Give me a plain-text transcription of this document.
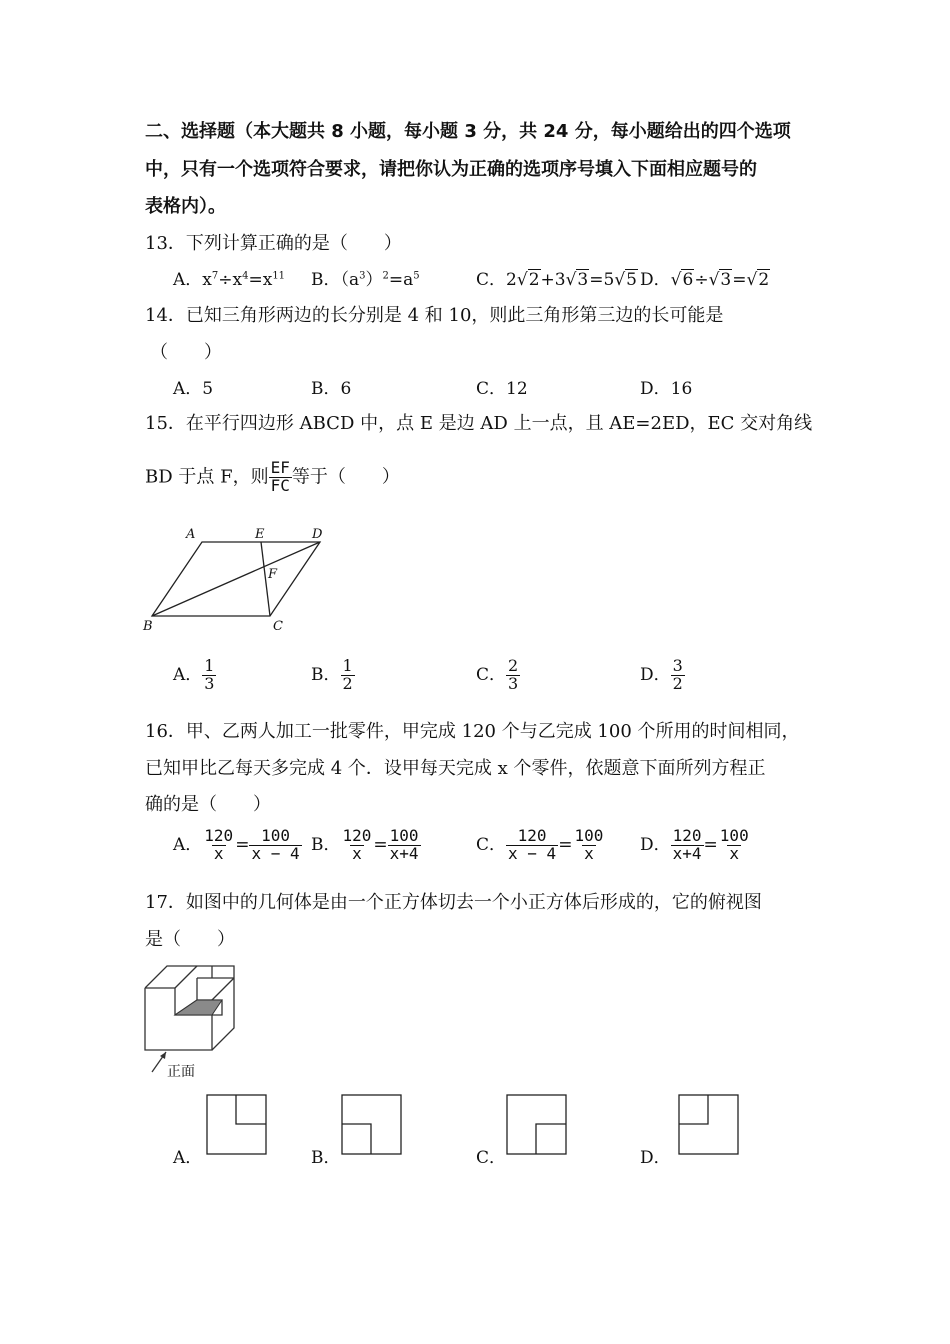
二、选择题（本大题共 8 小题，每小题 3 分，共 24 分，每小题给出的四个选项
中，只有一个选项符合要求，请把你认为正确的选项序号填入下面相应题号的
表格内）。
13．下列计算正确的是（　　）
A．$x^7\div x^4=x^{11}$ B．$(a^3)^2=a^5$	C．2√2+3√3=5√5 D．√6÷√3=√2
14．已知三角形两边的长分别是 4 和 10，则此三角形第三边的长可能是
（　　）
A．5	B．6	C．12	D．16
15．在平行四边形 ABCD 中，点 E 是边 AD 上一点，且 AE=2ED，EC 交对角线
BD 于点 F，则 $\frac{EF}{FC}$ 等于（　　）
A	E	D
F
B	C
A． $\frac{1}{3}$	B． $\frac{1}{2}$	C． $\frac{2}{3}$	D． $\frac{3}{2}$
16．甲、乙两人加工一批零件，甲完成 120 个与乙完成 100 个所用的时间相同，
已知甲比乙每天多完成 4 个．设甲每天完成 x 个零件，依题意下面所列方程正
确的是（　　）
A． $\frac{120}{x} = \frac{100}{x - 4}$ B． $\frac{120}{x} = \frac{100}{x+4}$	C． $\frac{120}{x - 4} = \frac{100}{x}$ D． $\frac{120}{x+4} = \frac{100}{x}$
17．如图中的几何体是由一个正方体切去一个小正方体后形成的，它的俯视图
是（　　）
正面
A．	B．	C．	D．
